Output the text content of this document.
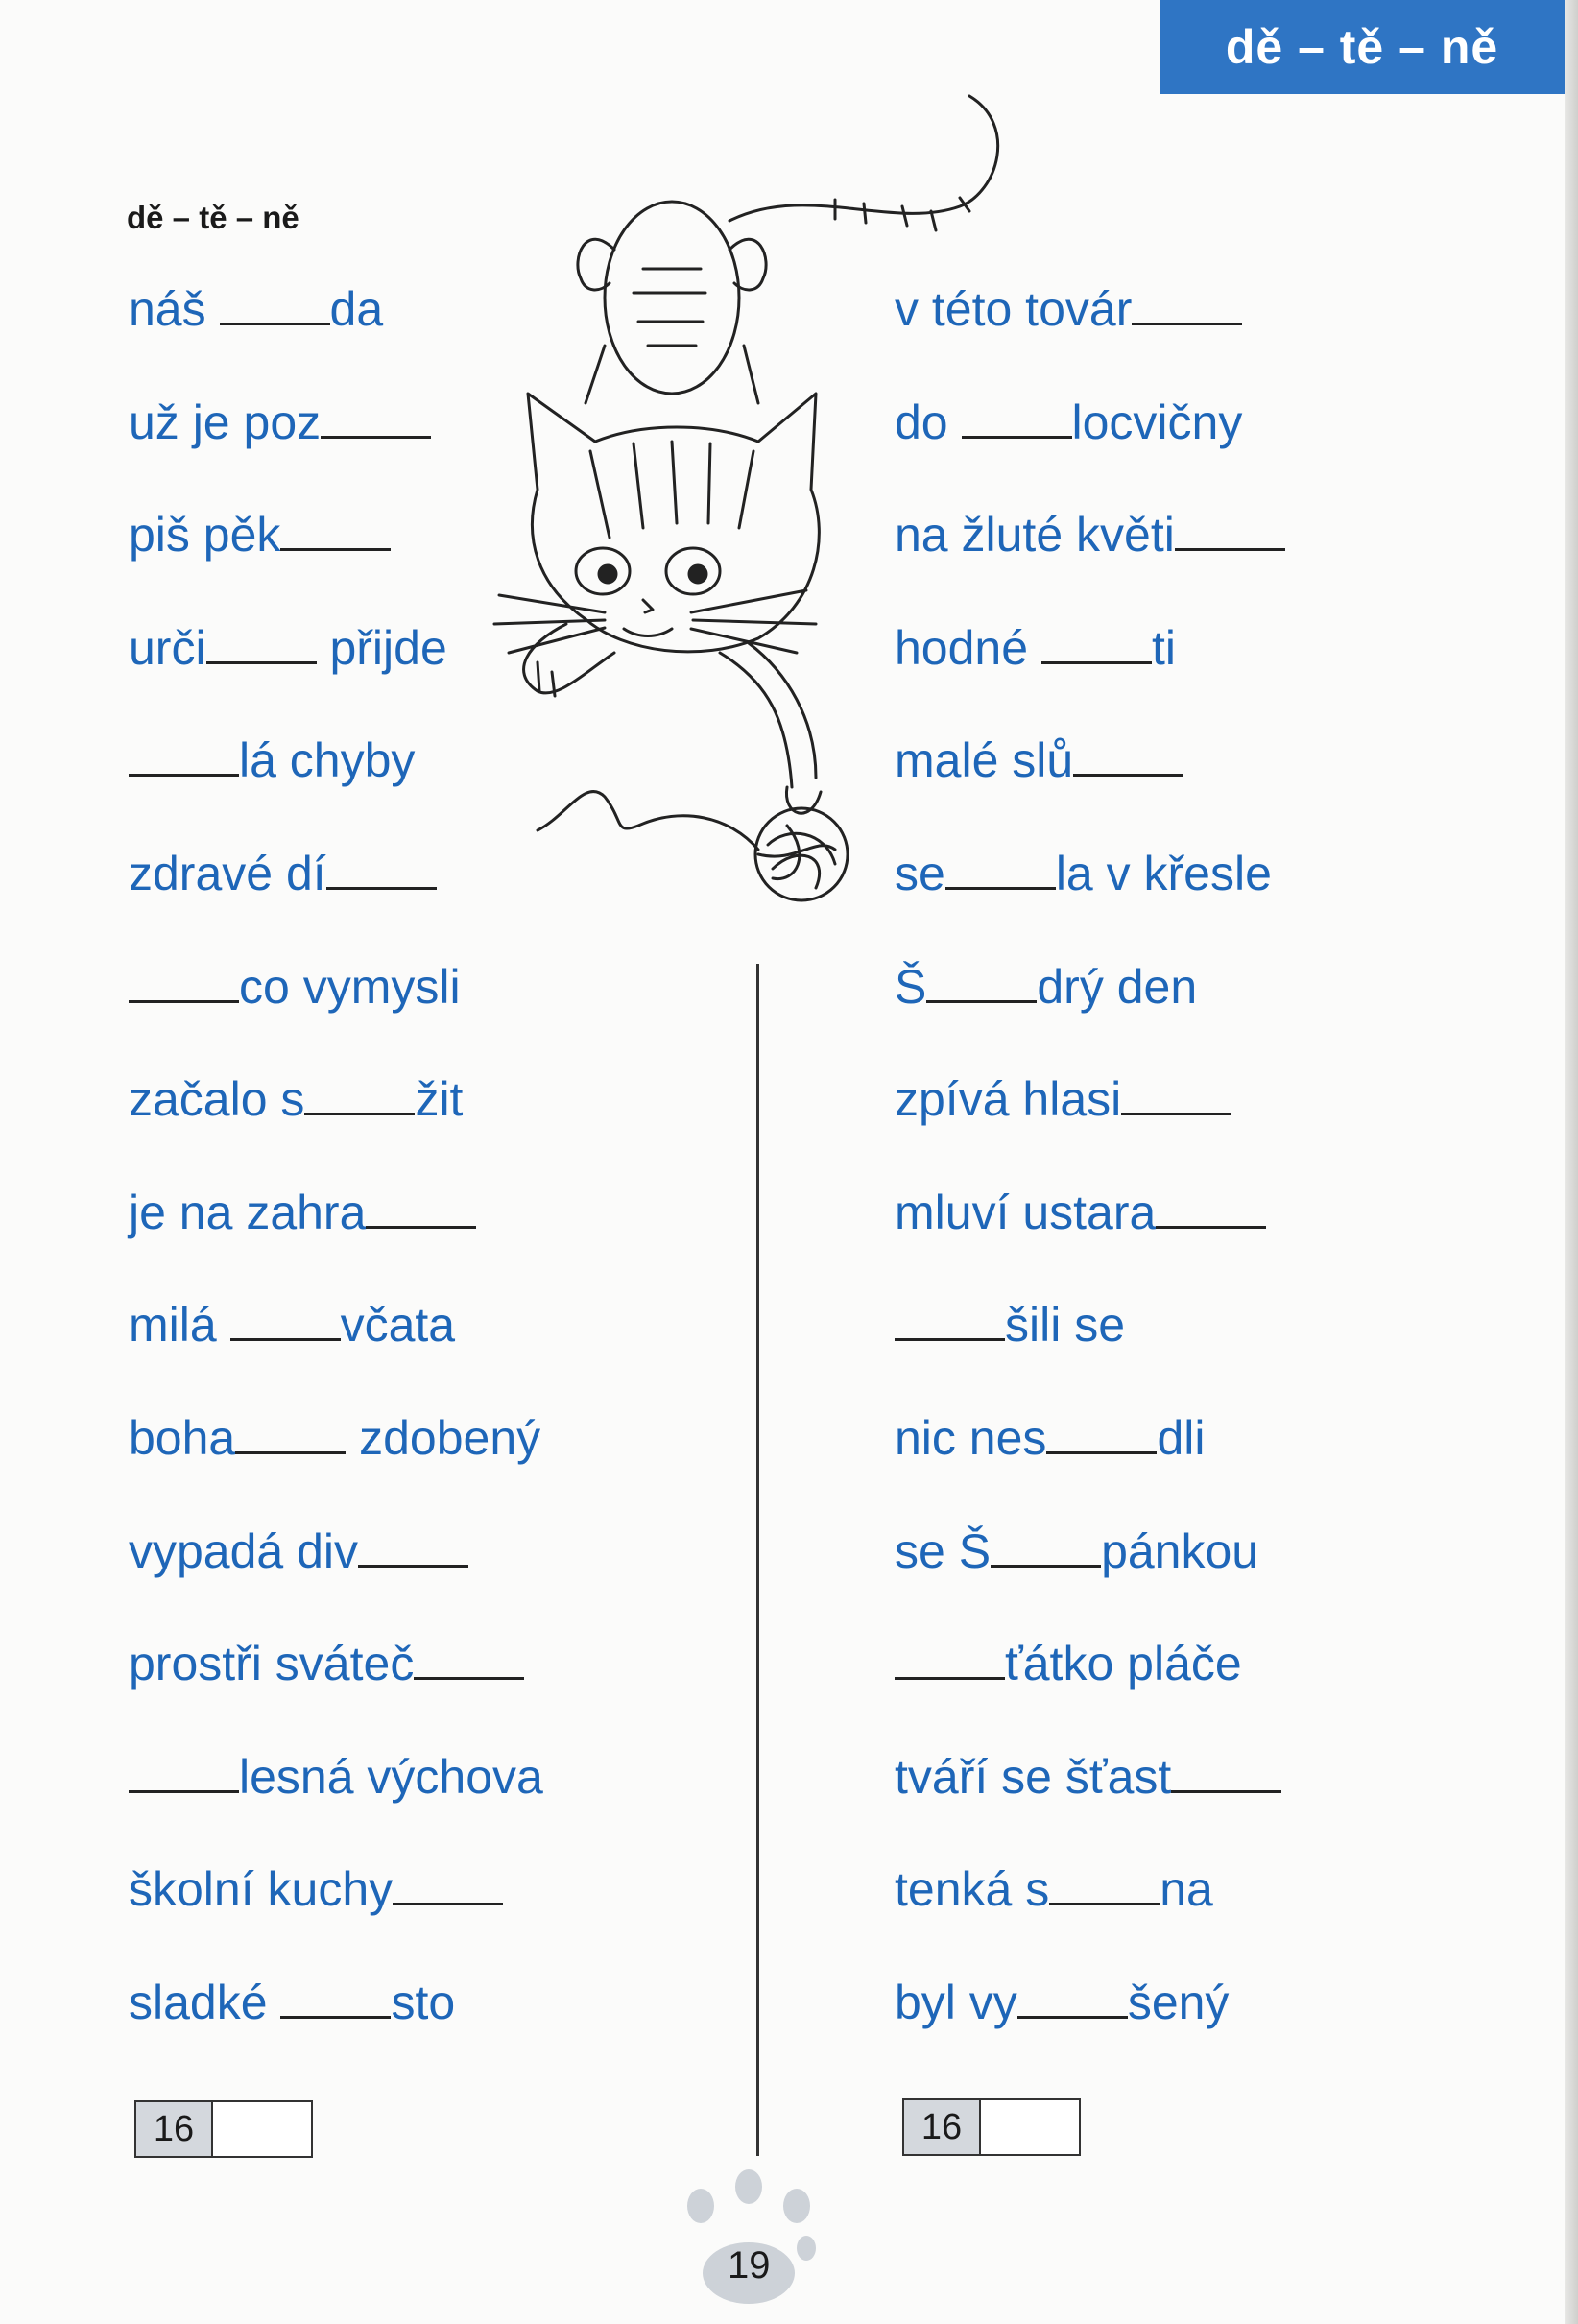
dě – tě – ně
dě – tě – ně
náš da
už je poz
piš pěk
urči přijde
lá chyby
zdravé dí
co vymysli
začalo s žit
je na zahra
milá včata
boha zdobený
vypadá div
prostři sváteč
lesná výchova
školní kuchy
sladké sto
v této továr
do locvičny
na žluté květi
hodné ti
malé slů
se la v křesle
Š drý den
zpívá hlasi
mluví ustara
šili se
nic nes dli
se Š pánkou
ťátko pláče
tváří se šťast
tenká s na
byl vy šený
16	16
19
